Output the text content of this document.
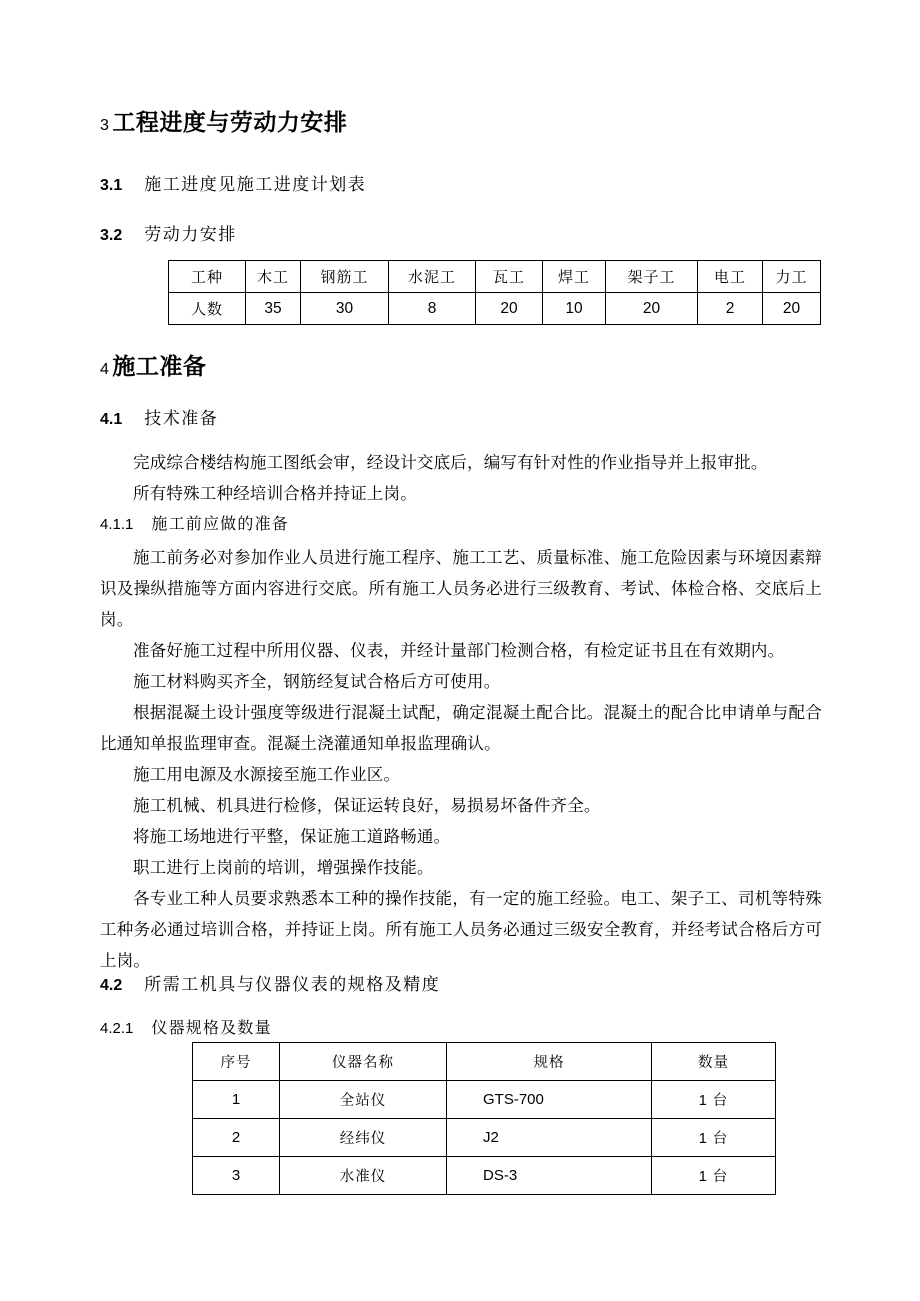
3 工程进度与劳动力安排
3.1 施工进度见施工进度计划表
3.2 劳动力安排
工种	木工	钢筋工	水泥工	瓦工	焊工	架子工	电工	力工
人数	35	30	8	20	10	20	2	20
4 施工准备
4.1 技术准备
完成综合楼结构施工图纸会审，经设计交底后，编写有针对性的作业指导并上报审批。
所有特殊工种经培训合格并持证上岗。
4.1.1 施工前应做的准备
施工前务必对参加作业人员进行施工程序、施工工艺、质量标准、施工危险因素与环境因素辩识及操纵措施等方面内容进行交底。所有施工人员务必进行三级教育、考试、体检合格、交底后上岗。
准备好施工过程中所用仪器、仪表，并经计量部门检测合格，有检定证书且在有效期内。
施工材料购买齐全，钢筋经复试合格后方可使用。
根据混凝土设计强度等级进行混凝土试配，确定混凝土配合比。混凝土的配合比申请单与配合比通知单报监理审查。混凝土浇灌通知单报监理确认。
施工用电源及水源接至施工作业区。
施工机械、机具进行检修，保证运转良好，易损易坏备件齐全。
将施工场地进行平整，保证施工道路畅通。
职工进行上岗前的培训，增强操作技能。
各专业工种人员要求熟悉本工种的操作技能，有一定的施工经验。电工、架子工、司机等特殊工种务必通过培训合格，并持证上岗。所有施工人员务必通过三级安全教育，并经考试合格后方可上岗。
4.2 所需工机具与仪器仪表的规格及精度
4.2.1 仪器规格及数量
序号	仪器名称	规格	数量
1	全站仪	GTS-700	1 台
2	经纬仪	J2	1 台
3	水准仪	DS-3	1 台
